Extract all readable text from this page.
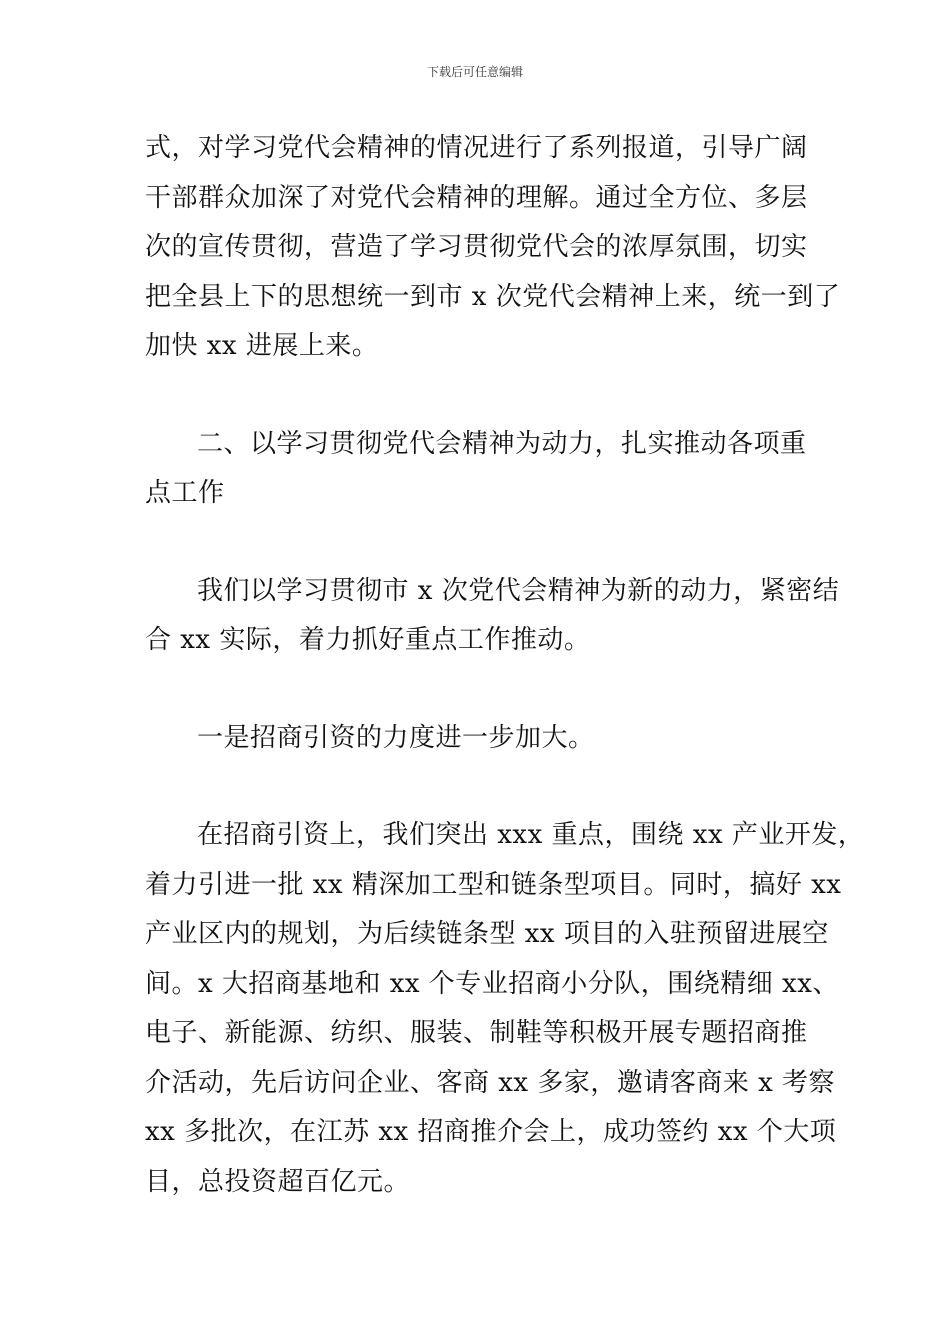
下载后可任意编辑

式，对学习党代会精神的情况进行了系列报道，引导广阔
干部群众加深了对党代会精神的理解。通过全方位、多层
次的宣传贯彻，营造了学习贯彻党代会的浓厚氛围，切实
把全县上下的思想统一到市 x 次党代会精神上来，统一到了
加快 xx 进展上来。

二、以学习贯彻党代会精神为动力，扎实推动各项重
点工作

我们以学习贯彻市 x 次党代会精神为新的动力，紧密结
合 xx 实际，着力抓好重点工作推动。

一是招商引资的力度进一步加大。

在招商引资上，我们突出 xxx 重点，围绕 xx 产业开发，
着力引进一批 xx 精深加工型和链条型项目。同时，搞好 xx
产业区内的规划，为后续链条型 xx 项目的入驻预留进展空
间。x 大招商基地和 xx 个专业招商小分队，围绕精细 xx、
电子、新能源、纺织、服装、制鞋等积极开展专题招商推
介活动，先后访问企业、客商 xx 多家，邀请客商来 x 考察
xx 多批次，在江苏 xx 招商推介会上，成功签约 xx 个大项
目，总投资超百亿元。
